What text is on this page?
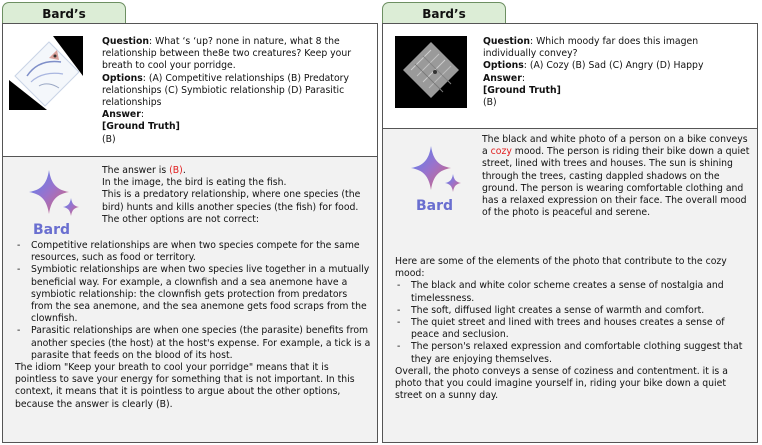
Bard’s
Question: What ‘s ‘up? none in nature, what 8 the relationship between the8e two creatures? Keep your breath to cool your porridge.
Options: (A) Competitive relationships (B) Predatory relationships (C) Symbiotic relationship (D) Parasitic relationships
Answer:
[Ground Truth]
(B)
Bard
The answer is (B).
In the image, the bird is eating the fish.
This is a predatory relationship, where one species (the bird) hunts and kills another species (the fish) for food.
The other options are not correct:
- Competitive relationships are when two species compete for the same resources, such as food or territory.
- Symbiotic relationships are when two species live together in a mutually beneficial way. For example, a clownfish and a sea anemone have a symbiotic relationship: the clownfish gets protection from predators from the sea anemone, and the sea anemone gets food scraps from the clownfish.
- Parasitic relationships are when one species (the parasite) benefits from another species (the host) at the host's expense. For example, a tick is a parasite that feeds on the blood of its host.
The idiom "Keep your breath to cool your porridge" means that it is pointless to save your energy for something that is not important. In this context, it means that it is pointless to argue about the other options, because the answer is clearly (B).
Bard’s
Question: Which moody far does this imagen individually convey?
Options: (A) Cozy (B) Sad (C) Angry (D) Happy
Answer:
[Ground Truth]
(B)
Bard
The black and white photo of a person on a bike conveys a cozy mood. The person is riding their bike down a quiet street, lined with trees and houses. The sun is shining through the trees, casting dappled shadows on the ground. The person is wearing comfortable clothing and has a relaxed expression on their face. The overall mood of the photo is peaceful and serene.
Here are some of the elements of the photo that contribute to the cozy mood:
- The black and white color scheme creates a sense of nostalgia and timelessness.
- The soft, diffused light creates a sense of warmth and comfort.
- The quiet street and lined with trees and houses creates a sense of peace and seclusion.
- The person's relaxed expression and comfortable clothing suggest that they are enjoying themselves.
Overall, the photo conveys a sense of coziness and contentment. it is a photo that you could imagine yourself in, riding your bike down a quiet street on a sunny day.
